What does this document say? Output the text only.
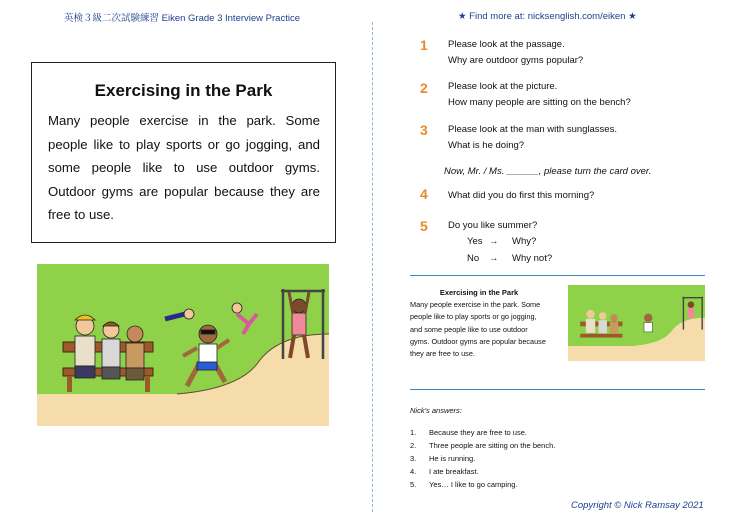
英検３級二次試験練習 Eiken Grade 3 Interview Practice	★ Find more at: nicksenglish.com/eiken ★
Exercising in the Park
Many people exercise in the park. Some people like to play sports or go jogging, and some people like to use outdoor gyms. Outdoor gyms are popular because they are free to use.
1 Please look at the passage.
Why are outdoor gyms popular?
2 Please look at the picture.
How many people are sitting on the bench?
3 Please look at the man with sunglasses.
What is he doing?
Now, Mr. / Ms. ______, please turn the card over.
4 What did you do first this morning?
5 Do you like summer?
Yes → Why?
No → Why not?
Exercising in the Park
Many people exercise in the park. Some people like to play sports or go jogging, and some people like to use outdoor gyms. Outdoor gyms are popular because they are free to use.
Nick's answers:
1. Because they are free to use.
2. Three people are sitting on the bench.
3. He is running.
4. I ate breakfast.
5. Yes… I like to go camping.
Copyright © Nick Ramsay 2021
